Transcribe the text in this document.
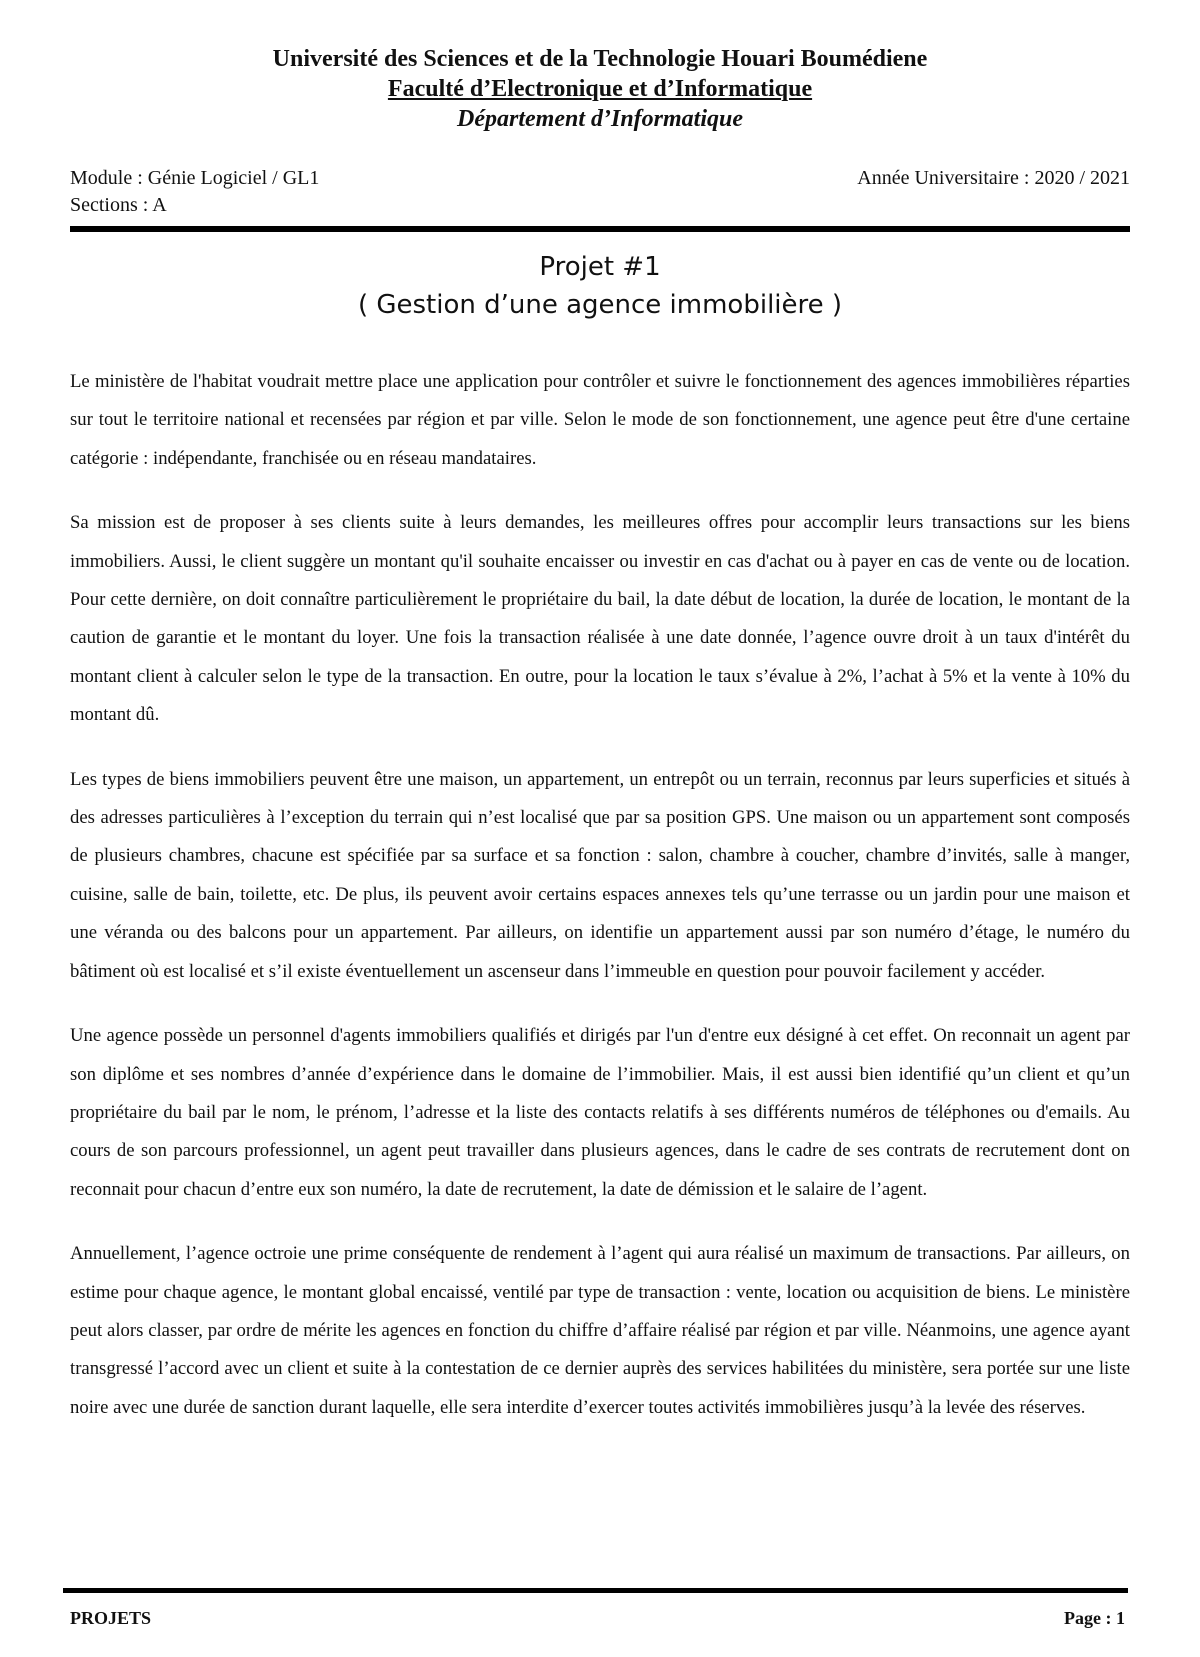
Université des Sciences et de la Technologie Houari Boumédiene

Faculté d’Electronique et d’Informatique

Département d’Informatique

Module : Génie Logiciel / GL1	Année Universitaire : 2020 / 2021
Sections : A
Projet #1
( Gestion d’une agence immobilière )

Le ministère de l'habitat voudrait mettre place une application pour contrôler et suivre le fonctionnement des agences immobilières réparties sur tout le territoire national et recensées par région et par ville. Selon le mode de son fonctionnement, une agence peut être d'une certaine catégorie : indépendante, franchisée ou en réseau mandataires.

Sa mission est de proposer à ses clients suite à leurs demandes, les meilleures offres pour accomplir leurs transactions sur les biens immobiliers. Aussi, le client suggère un montant qu'il souhaite encaisser ou investir en cas d'achat ou à payer en cas de vente ou de location. Pour cette dernière, on doit connaître particulièrement le propriétaire du bail, la date début de location, la durée de location, le montant de la caution de garantie et le montant du loyer. Une fois la transaction réalisée à une date donnée, l’agence ouvre droit à un taux d'intérêt du montant client à calculer selon le type de la transaction. En outre, pour la location le taux s’évalue à 2%, l’achat à 5% et la vente à 10% du montant dû.

Les types de biens immobiliers peuvent être une maison, un appartement, un entrepôt ou un terrain, reconnus par leurs superficies et situés à des adresses particulières à l’exception du terrain qui n’est localisé que par sa position GPS. Une maison ou un appartement sont composés de plusieurs chambres, chacune est spécifiée par sa surface et sa fonction : salon, chambre à coucher, chambre d’invités, salle à manger, cuisine, salle de bain, toilette, etc. De plus, ils peuvent avoir certains espaces annexes tels qu’une terrasse ou un jardin pour une maison et une véranda ou des balcons pour un appartement. Par ailleurs, on identifie un appartement aussi par son numéro d’étage, le numéro du bâtiment où est localisé et s’il existe éventuellement un ascenseur dans l’immeuble en question pour pouvoir facilement y accéder.

Une agence possède un personnel d'agents immobiliers qualifiés et dirigés par l'un d'entre eux désigné à cet effet. On reconnait un agent par son diplôme et ses nombres d’année d’expérience dans le domaine de l’immobilier. Mais, il est aussi bien identifié qu’un client et qu’un propriétaire du bail par le nom, le prénom, l’adresse et la liste des contacts relatifs à ses différents numéros de téléphones ou d'emails. Au cours de son parcours professionnel, un agent peut travailler dans plusieurs agences, dans le cadre de ses contrats de recrutement dont on reconnait pour chacun d’entre eux son numéro, la date de recrutement, la date de démission et le salaire de l’agent.

Annuellement, l’agence octroie une prime conséquente de rendement à l’agent qui aura réalisé un maximum de transactions. Par ailleurs, on estime pour chaque agence, le montant global encaissé, ventilé par type de transaction : vente, location ou acquisition de biens. Le ministère peut alors classer, par ordre de mérite les agences en fonction du chiffre d’affaire réalisé par région et par ville. Néanmoins, une agence ayant transgressé l’accord avec un client et suite à la contestation de ce dernier auprès des services habilitées du ministère, sera portée sur une liste noire avec une durée de sanction durant laquelle, elle sera interdite d’exercer toutes activités immobilières jusqu’à la levée des réserves.

PROJETS	Page : 1
